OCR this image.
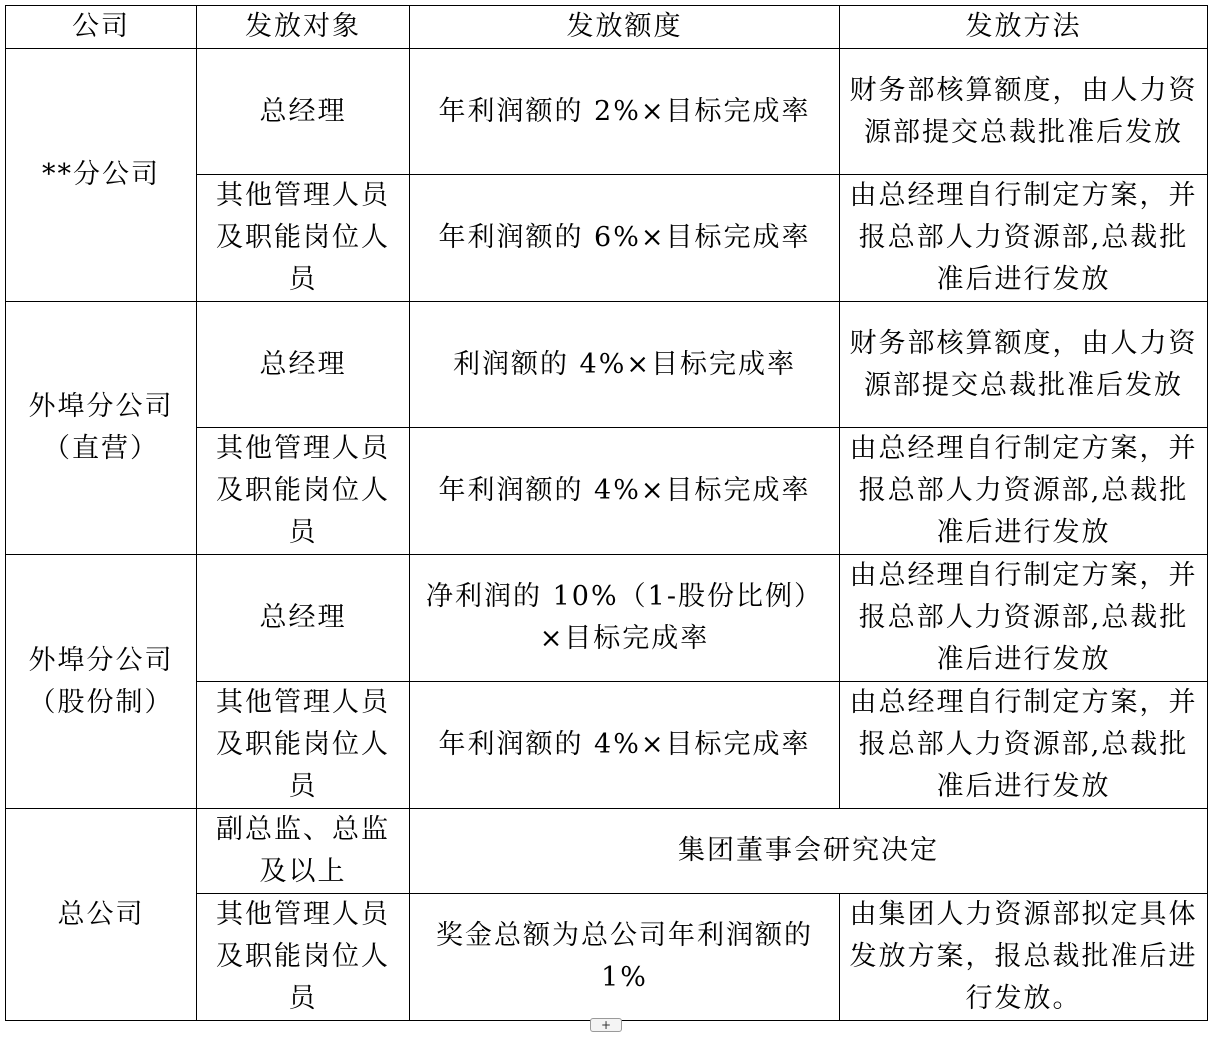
公司	发放对象	发放额度	发放方法
**分公司	总经理	年利润额的 2%×目标完成率	财务部核算额度，由人力资源部提交总裁批准后发放
	其他管理人员及职能岗位人员	年利润额的 6%×目标完成率	由总经理自行制定方案，并报总部人力资源部,总裁批准后进行发放
外埠分公司（直营）	总经理	利润额的 4%×目标完成率	财务部核算额度，由人力资源部提交总裁批准后发放
	其他管理人员及职能岗位人员	年利润额的 4%×目标完成率	由总经理自行制定方案，并报总部人力资源部,总裁批准后进行发放
外埠分公司（股份制）	总经理	净利润的 10%（1-股份比例）×目标完成率	由总经理自行制定方案，并报总部人力资源部,总裁批准后进行发放
	其他管理人员及职能岗位人员	年利润额的 4%×目标完成率	由总经理自行制定方案，并报总部人力资源部,总裁批准后进行发放
总公司	副总监、总监及以上	集团董事会研究决定	
	其他管理人员及职能岗位人员	奖金总额为总公司年利润额的 1%	由集团人力资源部拟定具体发放方案，报总裁批准后进行发放。
+
